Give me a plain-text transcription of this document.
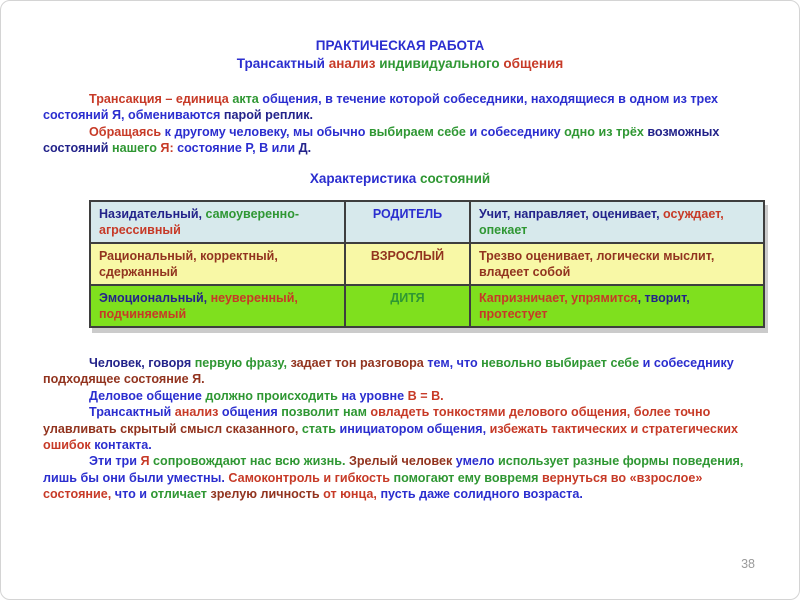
ПРАКТИЧЕСКАЯ РАБОТА
Трансактный анализ индивидуального общения

Трансакция – единица акта общения, в течение которой собеседники, находящиеся в одном из трех состояний Я, обмениваются парой реплик.

Обращаясь к другому человеку, мы обычно выбираем себе и собеседнику одно из трёх возможных состояний нашего Я: состояние Р, В или Д.

Характеристика состояний
Назидательный, самоуверенно-агрессивный	РОДИТЕЛЬ	Учит, направляет, оценивает, осуждает, опекает
Рациональный, корректный, сдержанный	ВЗРОСЛЫЙ	Трезво оценивает, логически мыслит, владеет собой
Эмоциональный, неуверенный, подчиняемый	ДИТЯ	Капризничает, упрямится, творит, протестует

Человек, говоря первую фразу, задает тон разговора тем, что невольно выбирает себе и собеседнику подходящее состояние Я.

Деловое общение должно происходить на уровне В = В.

Трансактный анализ общения позволит нам овладеть тонкостями делового общения, более точно улавливать скрытый смысл сказанного, стать инициатором общения, избежать тактических и стратегических ошибок контакта.

Эти три Я сопровождают нас всю жизнь. Зрелый человек умело использует разные формы поведения, лишь бы они были уместны. Самоконтроль и гибкость помогают ему вовремя вернуться во «взрослое» состояние, что и отличает зрелую личность от юнца, пусть даже солидного возраста.

38
